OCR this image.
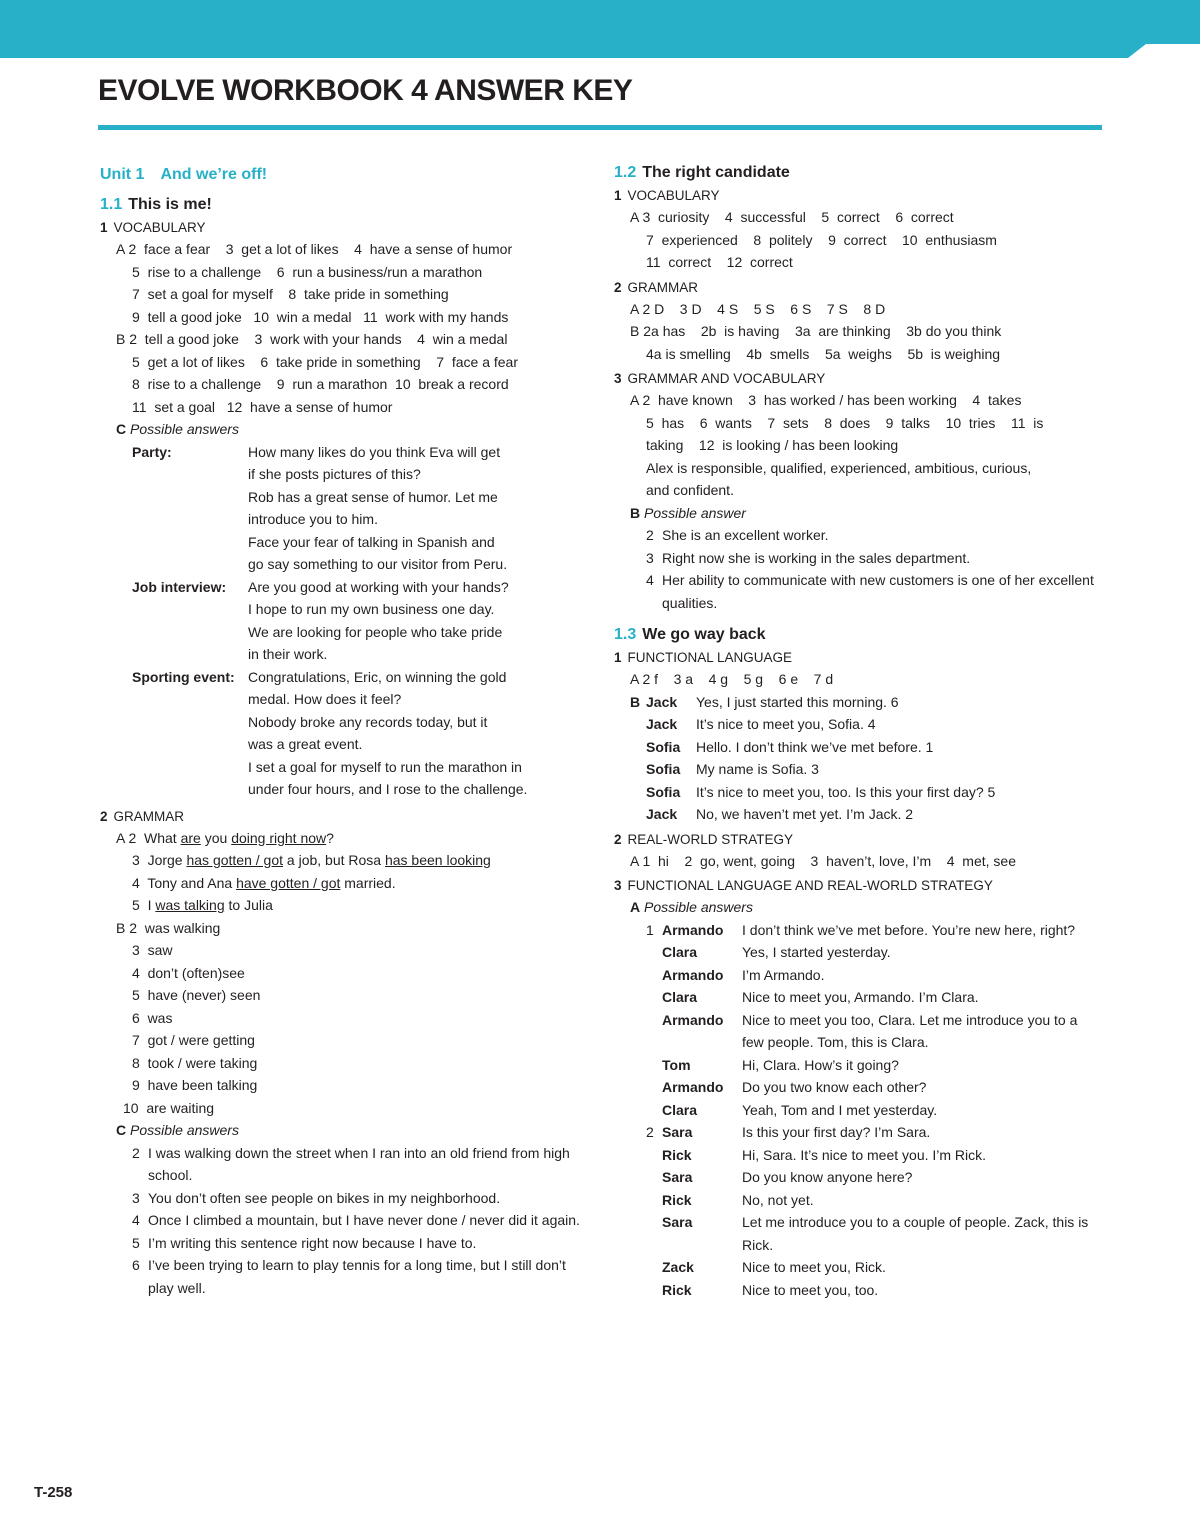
EVOLVE WORKBOOK 4 ANSWER KEY
Unit 1 And we’re off!
1.1 This is me!
1 VOCABULARY
A 2  face a fear    3  get a lot of likes    4  have a sense of humor
5  rise to a challenge    6  run a business/run a marathon
7  set a goal for myself    8  take pride in something
9  tell a good joke   10  win a medal   11  work with my hands
B 2  tell a good joke    3  work with your hands    4  win a medal
5  get a lot of likes    6  take pride in something    7  face a fear
8  rise to a challenge    9  run a marathon  10  break a record
11  set a goal   12  have a sense of humor
C Possible answers
Party:	How many likes do you think Eva will get
if she posts pictures of this?
Rob has a great sense of humor. Let me
introduce you to him.
Face your fear of talking in Spanish and
go say something to our visitor from Peru.
Job interview:	Are you good at working with your hands?
I hope to run my own business one day.
We are looking for people who take pride
in their work.
Sporting event: Congratulations, Eric, on winning the gold
medal. How does it feel?
Nobody broke any records today, but it
was a great event.
I set a goal for myself to run the marathon in
under four hours, and I rose to the challenge.
2 GRAMMAR
A 2  What are you doing right now?
3  Jorge has gotten / got a job, but Rosa has been looking
4  Tony and Ana have gotten / got married.
5  I was talking to Julia
B 2  was walking
3  saw
4  don’t (often)see
5  have (never) seen
6  was
7  got / were getting
8  took / were taking
9  have been talking
10  are waiting
C Possible answers
2 I was walking down the street when I ran into an old friend from high school.
3 You don’t often see people on bikes in my neighborhood.
4 Once I climbed a mountain, but I have never done / never did it again.
5 I’m writing this sentence right now because I have to.
6 I’ve been trying to learn to play tennis for a long time, but I still don’t play well.
1.2 The right candidate
1 VOCABULARY
A 3  curiosity    4  successful    5  correct    6  correct
7  experienced    8  politely    9  correct    10  enthusiasm
11  correct    12  correct
2 GRAMMAR
A 2 D    3 D    4 S    5 S    6 S    7 S    8 D
B 2a has    2b  is having    3a  are thinking    3b do you think
4a is smelling    4b  smells    5a  weighs    5b  is weighing
3 GRAMMAR AND VOCABULARY
A 2  have known    3  has worked / has been working    4  takes
5  has    6  wants    7  sets    8  does    9  talks    10  tries    11  is
taking    12  is looking / has been looking
Alex is responsible, qualified, experienced, ambitious, curious,
and confident.
B Possible answer
2 She is an excellent worker.
3 Right now she is working in the sales department.
4 Her ability to communicate with new customers is one of her excellent qualities.
1.3 We go way back
1 FUNCTIONAL LANGUAGE
A 2 f    3 a    4 g    5 g    6 e    7 d
B Jack	Yes, I just started this morning. 6
Jack	It’s nice to meet you, Sofia. 4
Sofia	Hello. I don’t think we’ve met before. 1
Sofia	My name is Sofia. 3
Sofia	It’s nice to meet you, too. Is this your first day? 5
Jack	No, we haven’t met yet. I’m Jack. 2
2 REAL-WORLD STRATEGY
A 1  hi    2  go, went, going    3  haven’t, love, I’m    4  met, see
3 FUNCTIONAL LANGUAGE AND REAL-WORLD STRATEGY
A Possible answers
1 Armando	I don’t think we’ve met before. You’re new here, right?
Clara	Yes, I started yesterday.
Armando	I’m Armando.
Clara	Nice to meet you, Armando. I’m Clara.
Armando	Nice to meet you too, Clara. Let me introduce you to a few people. Tom, this is Clara.
Tom	Hi, Clara. How’s it going?
Armando	Do you two know each other?
Clara	Yeah, Tom and I met yesterday.
2 Sara	Is this your first day? I’m Sara.
Rick	Hi, Sara. It’s nice to meet you. I’m Rick.
Sara	Do you know anyone here?
Rick	No, not yet.
Sara	Let me introduce you to a couple of people. Zack, this is Rick.
Zack	Nice to meet you, Rick.
Rick	Nice to meet you, too.
T-258
